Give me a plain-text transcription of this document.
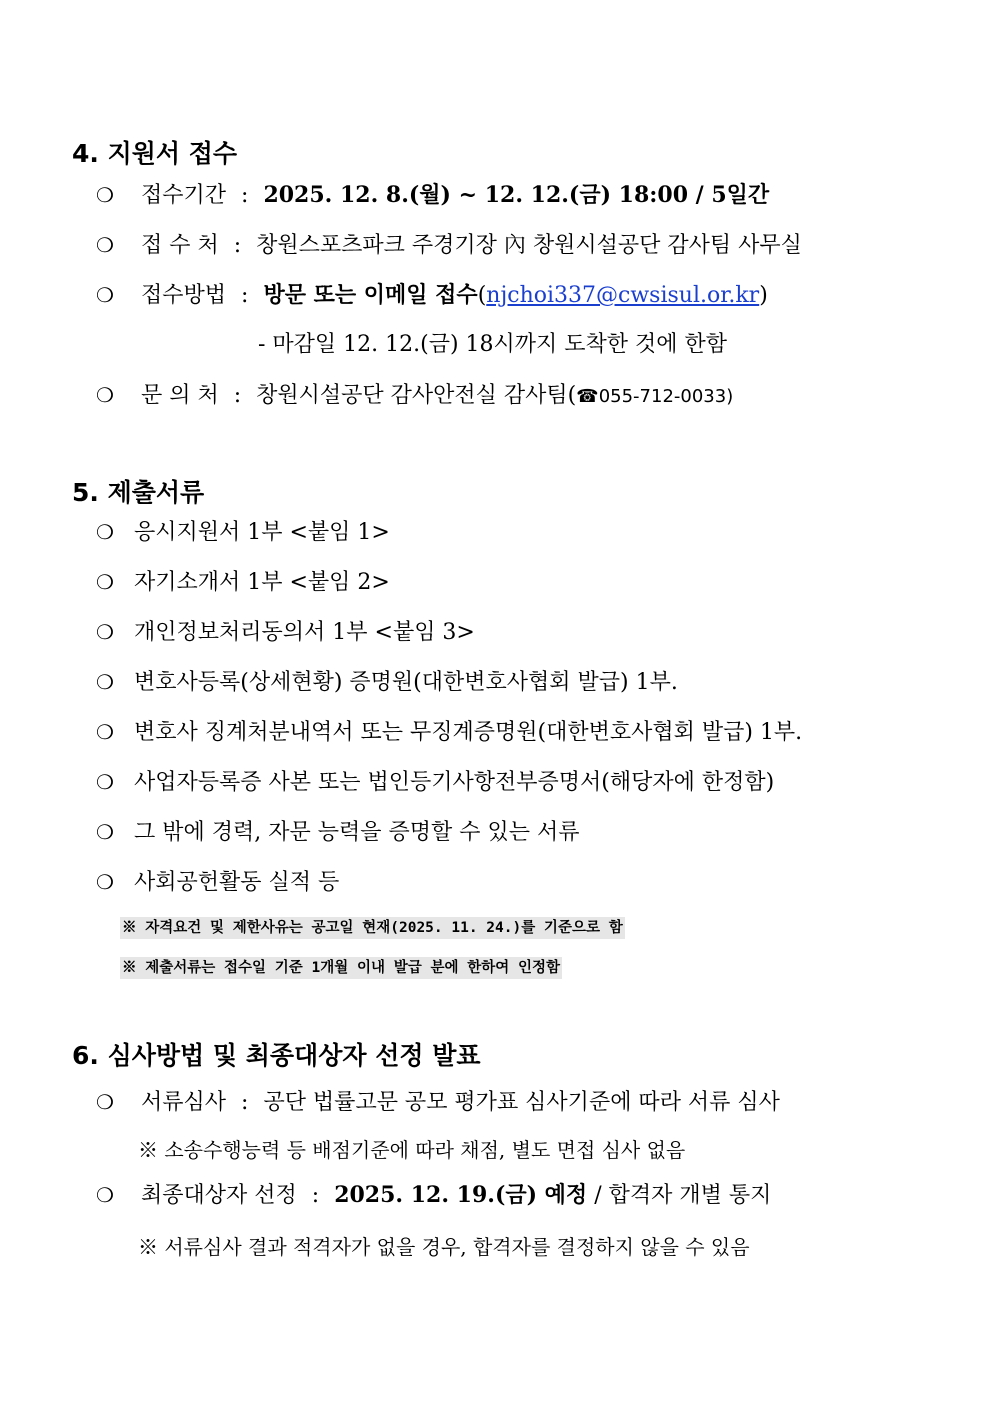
4. 지원서 접수
❍ 접수기간 : 2025. 12. 8.(월) ~ 12. 12.(금) 18:00 / 5일간
❍ 접 수 처 : 창원스포츠파크 주경기장 內 창원시설공단 감사팀 사무실
❍ 접수방법 : 방문 또는 이메일 접수(njchoi337@cwsisul.or.kr)
- 마감일 12. 12.(금) 18시까지 도착한 것에 한함
❍ 문 의 처 : 창원시설공단 감사안전실 감사팀(☎055-712-0033)
5. 제출서류
❍ 응시지원서 1부 <붙임 1>
❍ 자기소개서 1부 <붙임 2>
❍ 개인정보처리동의서 1부 <붙임 3>
❍ 변호사등록(상세현황) 증명원(대한변호사협회 발급) 1부.
❍ 변호사 징계처분내역서 또는 무징계증명원(대한변호사협회 발급) 1부.
❍ 사업자등록증 사본 또는 법인등기사항전부증명서(해당자에 한정함)
❍ 그 밖에 경력, 자문 능력을 증명할 수 있는 서류
❍ 사회공헌활동 실적 등
※ 자격요건 및 제한사유는 공고일 현재(2025. 11. 24.)를 기준으로 함
※ 제출서류는 접수일 기준 1개월 이내 발급 분에 한하여 인정함
6. 심사방법 및 최종대상자 선정 발표
❍ 서류심사 : 공단 법률고문 공모 평가표 심사기준에 따라 서류 심사
※ 소송수행능력 등 배점기준에 따라 채점, 별도 면접 심사 없음
❍ 최종대상자 선정 : 2025. 12. 19.(금) 예정 / 합격자 개별 통지
※ 서류심사 결과 적격자가 없을 경우, 합격자를 결정하지 않을 수 있음
